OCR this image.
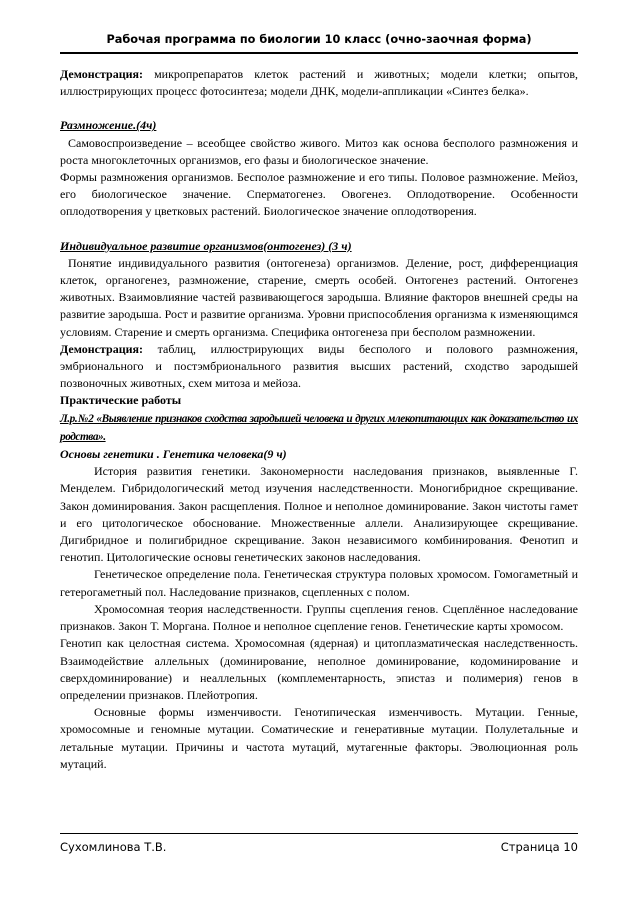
Рабочая программа по биологии 10 класс (очно-заочная форма)

Демонстрация: микропрепаратов клеток растений и животных; модели клетки; опытов, иллюстрирующих процесс фотосинтеза; модели ДНК, модели-аппликации «Синтез белка».

Размножение.(4ч)

Самовоспроизведение – всеобщее свойство живого. Митоз как основа бесполого размножения и роста многоклеточных организмов, его фазы и биологическое значение.

Формы размножения организмов. Бесполое размножение и его типы. Половое размножение. Мейоз, его биологическое значение. Сперматогенез. Овогенез. Оплодотворение. Особенности оплодотворения у цветковых растений. Биологическое значение оплодотворения.

Индивидуальное развитие организмов(онтогенез) (3 ч)

Понятие индивидуального развития (онтогенеза) организмов. Деление, рост, дифференциация клеток, органогенез, размножение, старение, смерть особей. Онтогенез растений. Онтогенез животных. Взаимовлияние частей развивающегося зародыша. Влияние факторов внешней среды на развитие зародыша. Рост и развитие организма. Уровни приспособления организма к изменяющимся условиям. Старение и смерть организма. Специфика онтогенеза при бесполом размножении.

Демонстрация: таблиц, иллюстрирующих виды бесполого и полового размножения, эмбрионального и постэмбрионального развития высших растений, сходство зародышей позвоночных животных, схем митоза и мейоза.

Практические работы

Л.р.№2 «Выявление признаков сходства зародышей человека и других млекопитающих как доказательство их родства».

Основы генетики . Генетика человека(9 ч)

История развития генетики. Закономерности наследования признаков, выявленные Г. Менделем. Гибридологический метод изучения наследственности. Моногибридное скрещивание. Закон доминирования. Закон расщепления. Полное и неполное доминирование. Закон чистоты гамет и его цитологическое обоснование. Множественные аллели. Анализирующее скрещивание. Дигибридное и полигибридное скрещивание. Закон независимого комбинирования. Фенотип и генотип. Цитологические основы генетических законов наследования.

Генетическое определение пола. Генетическая структура половых хромосом. Гомогаметный и гетерогаметный пол. Наследование признаков, сцепленных с полом.

Хромосомная теория наследственности. Группы сцепления генов. Сцеплённое наследование признаков. Закон Т. Моргана. Полное и неполное сцепление генов. Генетические карты хромосом.

Генотип как целостная система. Хромосомная (ядерная) и цитоплазматическая наследственность. Взаимодействие аллельных (доминирование, неполное доминирование, кодоминирование и сверхдоминирование) и неаллельных (комплементарность, эпистаз и полимерия) генов в определении признаков. Плейотропия.

Основные формы изменчивости. Генотипическая изменчивость. Мутации. Генные, хромосомные и геномные мутации. Соматические и генеративные мутации. Полулетальные и летальные мутации. Причины и частота мутаций, мутагенные факторы. Эволюционная роль мутаций.

Сухомлинова Т.В.	Страница 10
